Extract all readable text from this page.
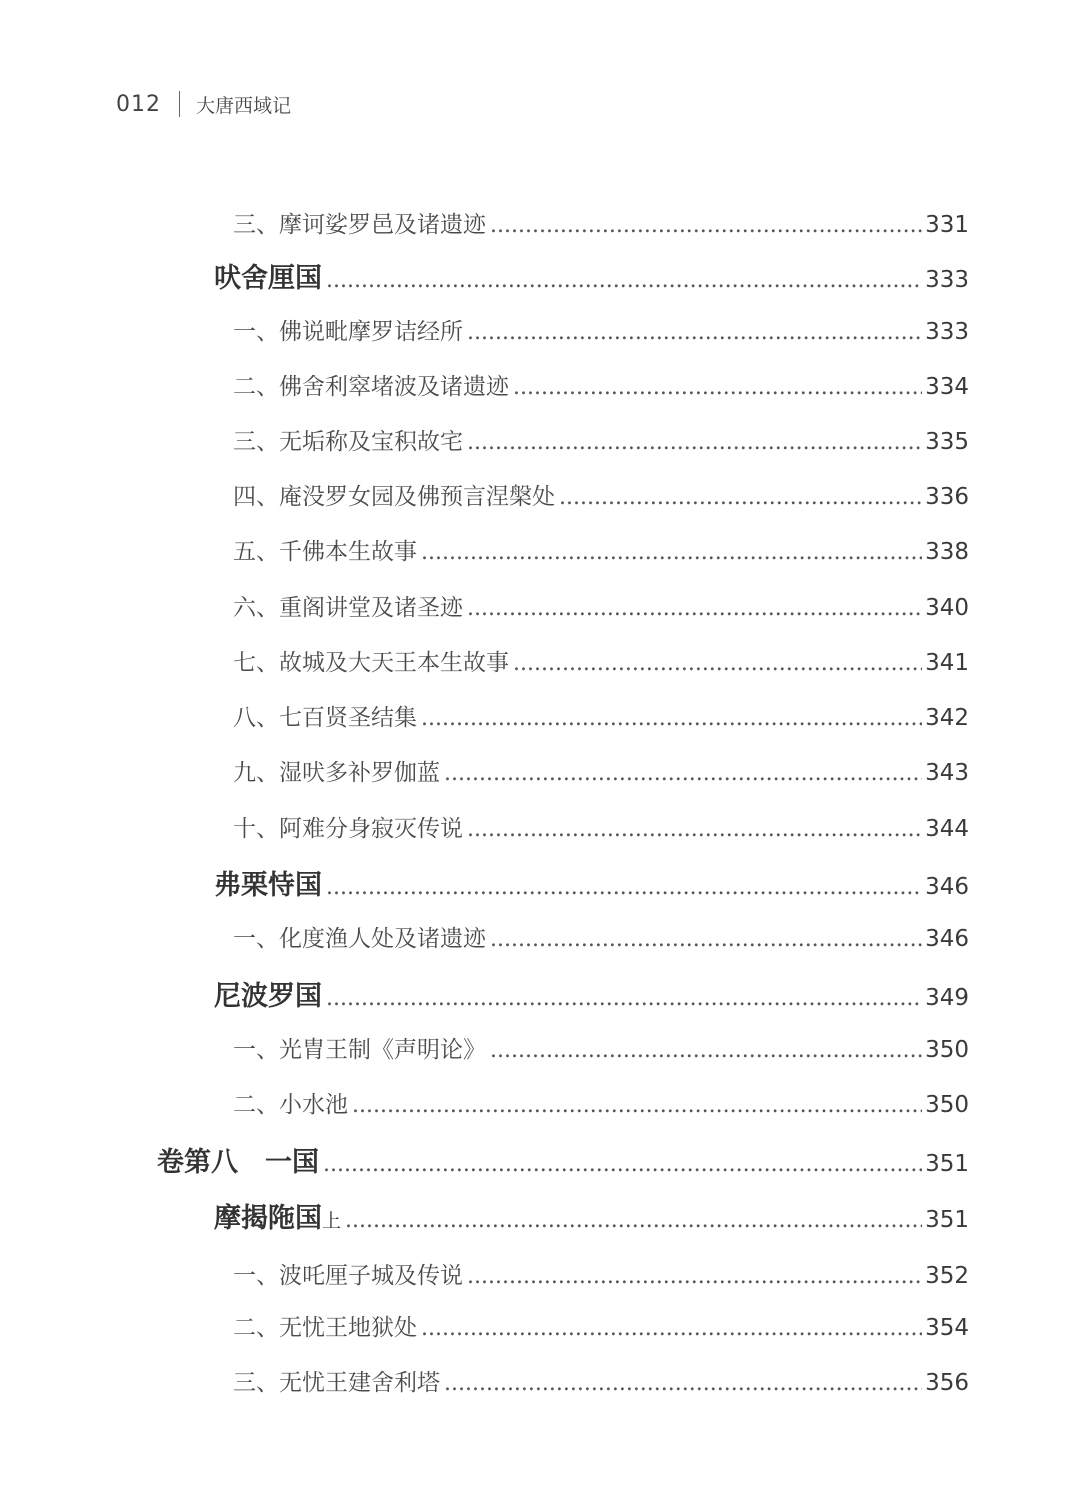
012 大唐西域记
三、摩诃娑罗邑及诸遗迹 .....	331
吠舍厘国 .....	333
一、佛说毗摩罗诘经所 .....	333
二、佛舍利窣堵波及诸遗迹 .....	334
三、无垢称及宝积故宅 .....	335
四、庵没罗女园及佛预言涅槃处 .....	336
五、千佛本生故事 .....	338
六、重阁讲堂及诸圣迹 .....	340
七、故城及大天王本生故事 .....	341
八、七百贤圣结集 .....	342
九、湿吠多补罗伽蓝 .....	343
十、阿难分身寂灭传说 .....	344
弗栗恃国 .....	346
一、化度渔人处及诸遗迹 .....	346
尼波罗国 .....	349
一、光胄王制《声明论》 .....	350
二、小水池 .....	350
卷第八　一国 .....	351
摩揭陁国上 .....	351
一、波吒厘子城及传说 .....	352
二、无忧王地狱处 .....	354
三、无忧王建舍利塔 .....	356
